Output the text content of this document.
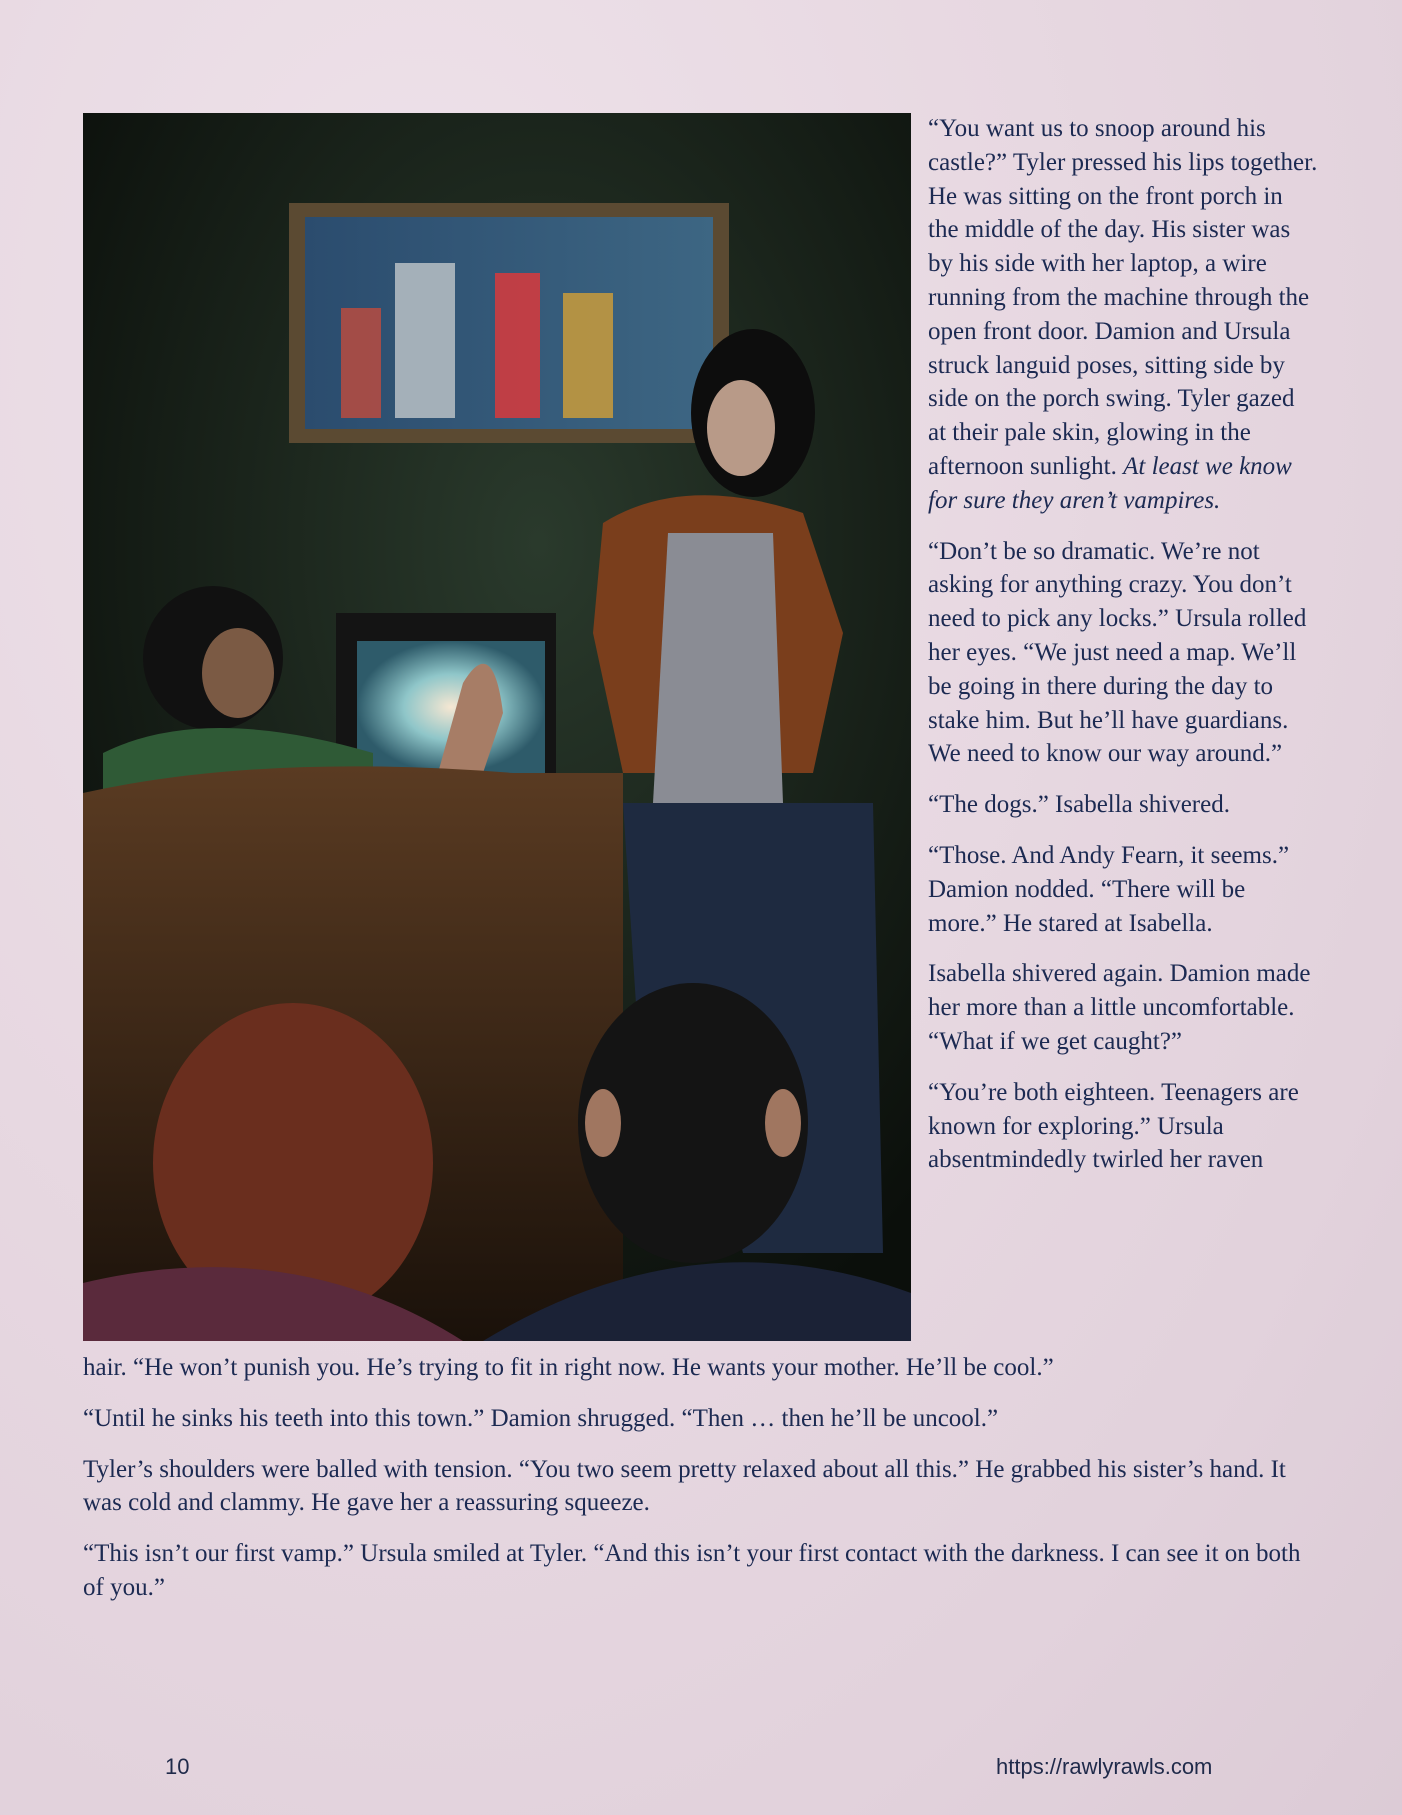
“You want us to snoop around his castle?” Tyler pressed his lips together. He was sitting on the front porch in the middle of the day. His sister was by his side with her laptop, a wire running from the machine through the open front door. Damion and Ursula struck languid poses, sitting side by side on the porch swing. Tyler gazed at their pale skin, glowing in the afternoon sunlight. At least we know for sure they aren’t vampires.

“Don’t be so dramatic. We’re not asking for anything crazy. You don’t need to pick any locks.” Ursula rolled her eyes. “We just need a map. We’ll be going in there during the day to stake him. But he’ll have guardians. We need to know our way around.”

“The dogs.” Isabella shivered.

“Those. And Andy Fearn, it seems.” Damion nodded. “There will be more.” He stared at Isabella.

Isabella shivered again. Damion made her more than a little uncomfortable. “What if we get caught?”

“You’re both eighteen. Teenagers are known for exploring.” Ursula absentmindedly twirled her raven

hair. “He won’t punish you. He’s trying to fit in right now. He wants your mother. He’ll be cool.”

“Until he sinks his teeth into this town.” Damion shrugged. “Then … then he’ll be uncool.”

Tyler’s shoulders were balled with tension. “You two seem pretty relaxed about all this.” He grabbed his sister’s hand. It was cold and clammy. He gave her a reassuring squeeze.

“This isn’t our first vamp.” Ursula smiled at Tyler. “And this isn’t your first contact with the darkness. I can see it on both of you.”

10	https://rawlyrawls.com
